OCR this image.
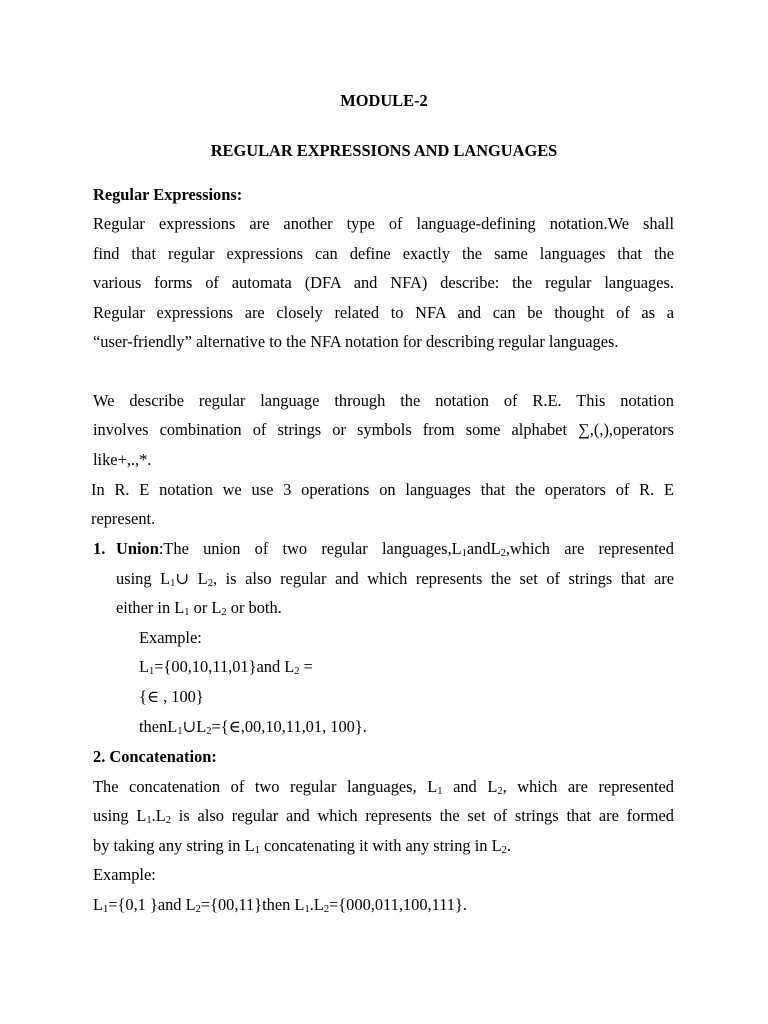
MODULE-2
REGULAR EXPRESSIONS AND LANGUAGES
Regular Expressions:
Regular expressions are another type of language-defining notation.We shall
find that regular expressions can define exactly the same languages that the
various forms of automata (DFA and NFA) describe: the regular languages.
Regular expressions are closely related to NFA and can be thought of as a
“user-friendly” alternative to the NFA notation for describing regular languages.
We describe regular language through the notation of R.E. This notation
involves combination of strings or symbols from some alphabet ∑,(,),operators
like+,.,*.
In R. E notation we use 3 operations on languages that the operators of R. E
represent.
1. Union:The union of two regular $languages,L_1andL_2,which$ are represented
using $L_1\cup$ $L_2$, is also regular and which represents the set of strings that are
either in $L_1$ or $L_2$ or both.
Example:
$L_1=\{00,10,11,01\}and$ $L_2$ =
{∈ , 100}
$thenL_1\cup L_2=\{\in,00,10,11,01$, 100}.
2. Concatenation:
The concatenation of two regular languages, $L_1$ and $L_2$, which are represented
using $L_1.L_2$ is also regular and which represents the set of strings that are formed
by taking any string in $L_1$ concatenating it with any string in $L_2$.
Example:
$L_1=\{0,1$ }and $L_2=\{00,11\}then$ $L_1.L_2=\{000,011,100,111\}$.
